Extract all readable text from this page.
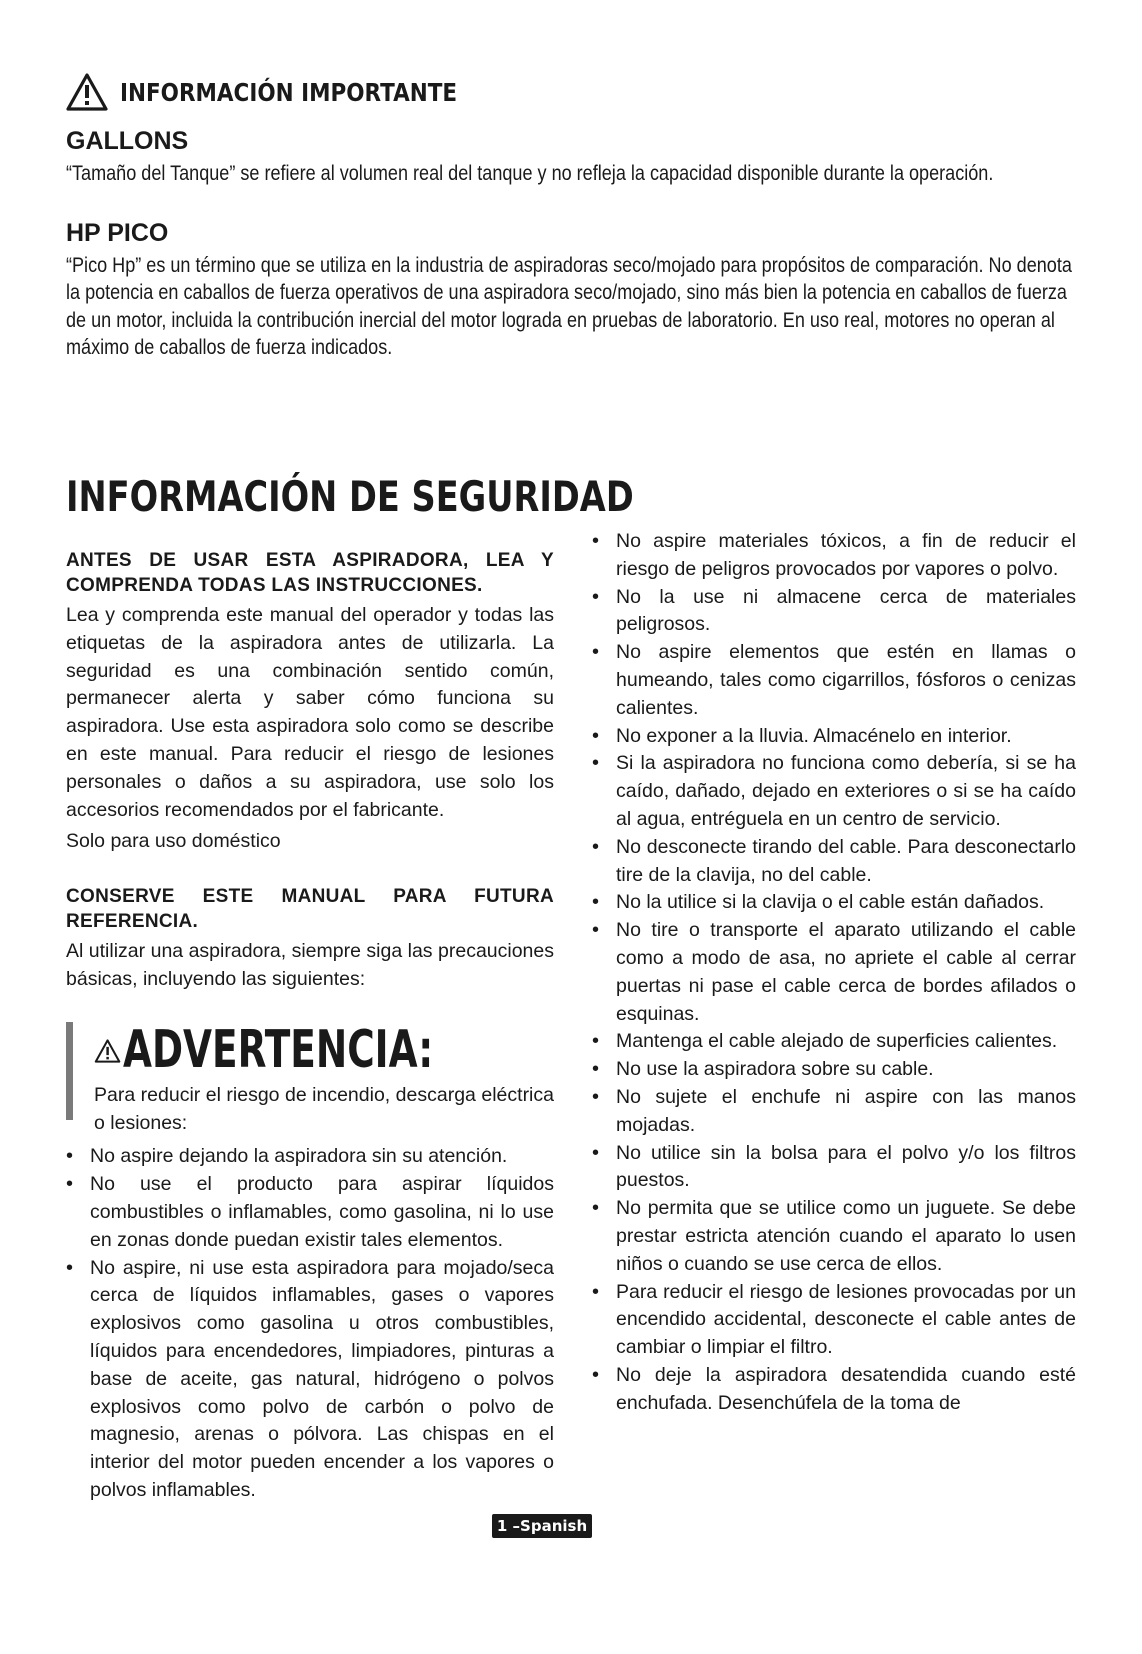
INFORMACIÓN IMPORTANTE
GALLONS

“Tamaño del Tanque” se refiere al volumen real del tanque y no refleja la capacidad disponible durante la operación.

HP PICO

“Pico Hp” es un término que se utiliza en la industria de aspiradoras seco/mojado para propósitos de comparación. No denota la potencia en caballos de fuerza operativos de una aspiradora seco/mojado, sino más bien la potencia en caballos de fuerza de un motor, incluida la contribución inercial del motor lograda en pruebas de laboratorio. En uso real, motores no operan al máximo de caballos de fuerza indicados.

INFORMACIÓN DE SEGURIDAD

ANTES DE USAR ESTA ASPIRADORA, LEA Y COMPRENDA TODAS LAS INSTRUCCIONES.

Lea y comprenda este manual del operador y todas las etiquetas de la aspiradora antes de utilizarla. La seguridad es una combinación sentido común, permanecer alerta y saber cómo funciona su aspiradora. Use esta aspiradora solo como se describe en este manual. Para reducir el riesgo de lesiones personales o daños a su aspiradora, use solo los accesorios recomendados por el fabricante.

Solo para uso doméstico

CONSERVE ESTE MANUAL PARA FUTURA REFERENCIA.

Al utilizar una aspiradora, siempre siga las precauciones básicas, incluyendo las siguientes:

ADVERTENCIA:

Para reducir el riesgo de incendio, descarga eléctrica o lesiones:

• No aspire dejando la aspiradora sin su atención.
• No use el producto para aspirar líquidos combustibles o inflamables, como gasolina, ni lo use en zonas donde puedan existir tales elementos.
• No aspire, ni use esta aspiradora para mojado/seca cerca de líquidos inflamables, gases o vapores explosivos como gasolina u otros combustibles, líquidos para encendedores, limpiadores, pinturas a base de aceite, gas natural, hidrógeno o polvos explosivos como polvo de carbón o polvo de magnesio, arenas o pólvora. Las chispas en el interior del motor pueden encender a los vapores o polvos inflamables.
• No aspire materiales tóxicos, a fin de reducir el riesgo de peligros provocados por vapores o polvo.
• No la use ni almacene cerca de materiales peligrosos.
• No aspire elementos que estén en llamas o humeando, tales como cigarrillos, fósforos o cenizas calientes.
• No exponer a la lluvia. Almacénelo en interior.
• Si la aspiradora no funciona como debería, si se ha caído, dañado, dejado en exteriores o si se ha caído al agua, entréguela en un centro de servicio.
• No desconecte tirando del cable. Para desconectarlo tire de la clavija, no del cable.
• No la utilice si la clavija o el cable están dañados.
• No tire o transporte el aparato utilizando el cable como a modo de asa, no apriete el cable al cerrar puertas ni pase el cable cerca de bordes afilados o esquinas.
• Mantenga el cable alejado de superficies calientes.
• No use la aspiradora sobre su cable.
• No sujete el enchufe ni aspire con las manos mojadas.
• No utilice sin la bolsa para el polvo y/o los filtros puestos.
• No permita que se utilice como un juguete. Se debe prestar estricta atención cuando el aparato lo usen niños o cuando se use cerca de ellos.
• Para reducir el riesgo de lesiones provocadas por un encendido accidental, desconecte el cable antes de cambiar o limpiar el filtro.
• No deje la aspiradora desatendida cuando esté enchufada. Desenchúfela de la toma de
1 –Spanish
